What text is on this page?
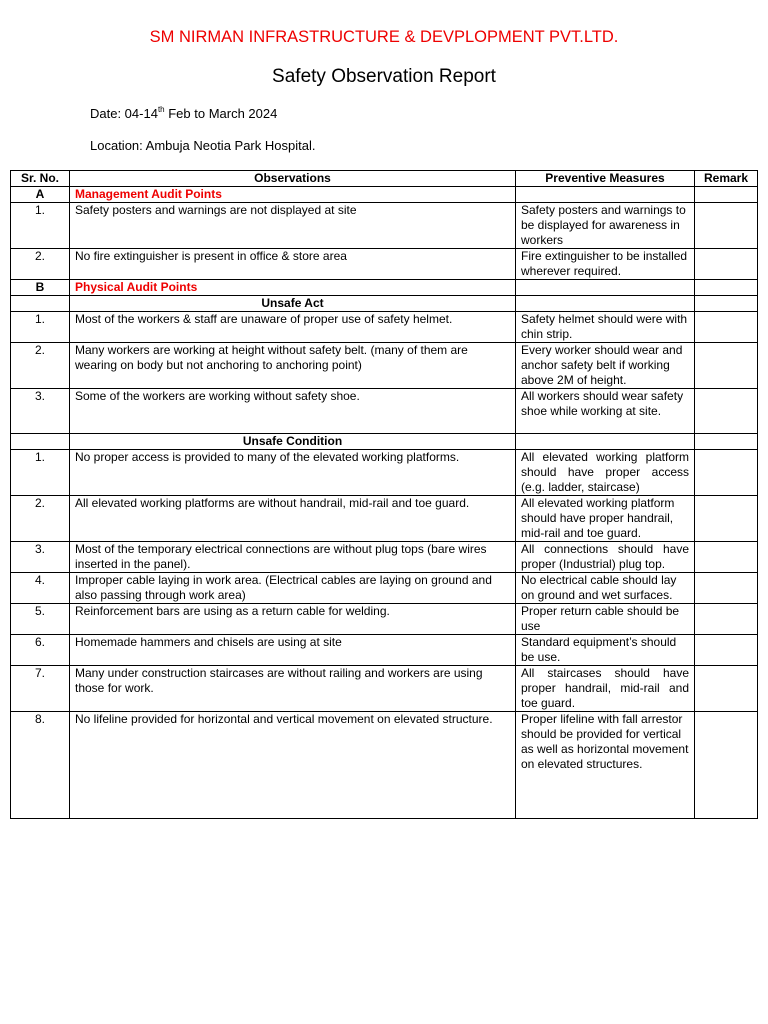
SM NIRMAN INFRASTRUCTURE & DEVPLOPMENT PVT.LTD.
Safety Observation Report
Date: 04-14th Feb to March 2024
Location: Ambuja Neotia Park Hospital.
Sr. No.	Observations	Preventive Measures	Remark
A	Management Audit Points		
1.	Safety posters and warnings are not displayed at site	Safety posters and warnings to be displayed for awareness in workers	
2.	No fire extinguisher is present in office & store area	Fire extinguisher to be installed wherever required.	
B	Physical Audit Points		
	Unsafe Act		
1.	Most of the workers & staff are unaware of proper use of safety helmet.	Safety helmet should were with chin strip.	
2.	Many workers are working at height without safety belt. (many of them are wearing on body but not anchoring to anchoring point)	Every worker should wear and anchor safety belt if working above 2M of height.	
3.	Some of the workers are working without safety shoe.	All workers should wear safety shoe while working at site.	
	Unsafe Condition		
1.	No proper access is provided to many of the elevated working platforms.	All elevated working platform should have proper access (e.g. ladder, staircase)	
2.	All elevated working platforms are without handrail, mid-rail and toe guard.	All elevated working platform should have proper handrail, mid-rail and toe guard.	
3.	Most of the temporary electrical connections are without plug tops (bare wires inserted in the panel).	All connections should have proper (Industrial) plug top.	
4.	Improper cable laying in work area. (Electrical cables are laying on ground and also passing through work area)	No electrical cable should lay on ground and wet surfaces.	
5.	Reinforcement bars are using as a return cable for welding.	Proper return cable should be use	
6.	Homemade hammers and chisels are using at site	Standard equipment’s should be use.	
7.	Many under construction staircases are without railing and workers are using those for work.	All staircases should have proper handrail, mid-rail and toe guard.	
8.	No lifeline provided for horizontal and vertical movement on elevated structure.	Proper lifeline with fall arrestor should be provided for vertical as well as horizontal movement on elevated structures.	
